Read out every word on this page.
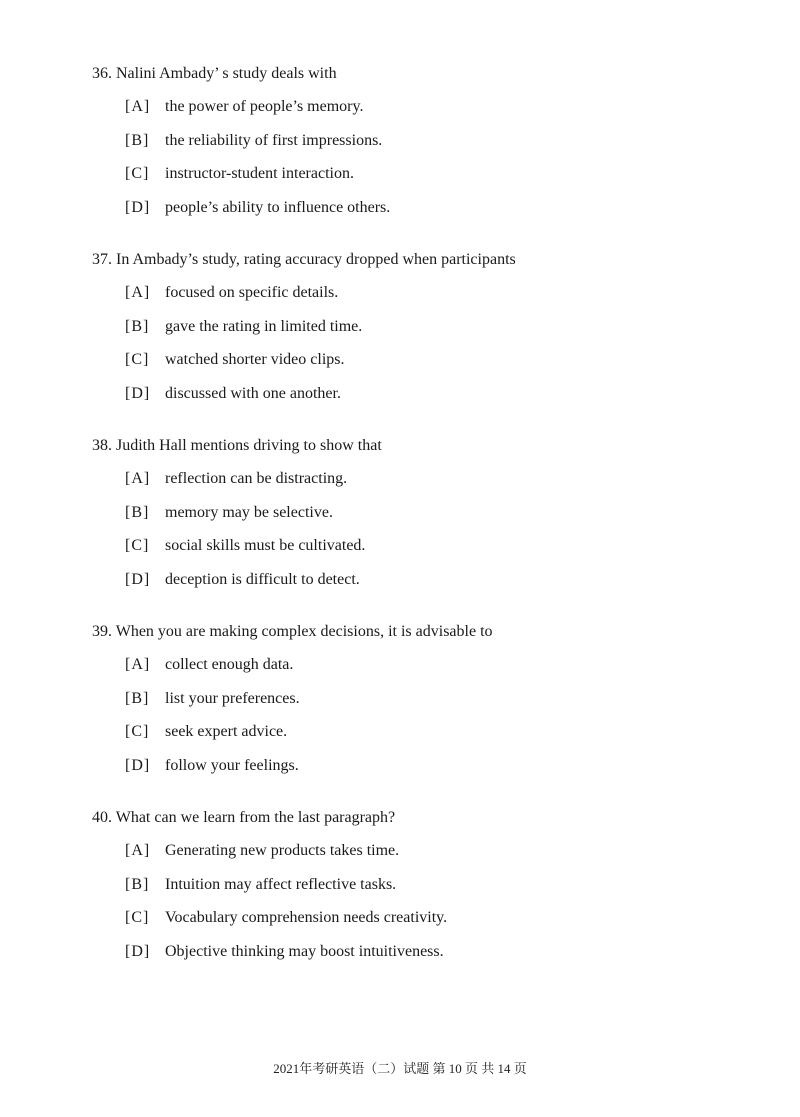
36. Nalini Ambady’ s study deals with
[A] the power of people’s memory.
[B] the reliability of first impressions.
[C] instructor-student interaction.
[D] people’s ability to influence others.
37. In Ambady’s study, rating accuracy dropped when participants
[A] focused on specific details.
[B] gave the rating in limited time.
[C] watched shorter video clips.
[D] discussed with one another.
38. Judith Hall mentions driving to show that
[A] reflection can be distracting.
[B] memory may be selective.
[C] social skills must be cultivated.
[D] deception is difficult to detect.
39. When you are making complex decisions, it is advisable to
[A] collect enough data.
[B] list your preferences.
[C] seek expert advice.
[D] follow your feelings.
40. What can we learn from the last paragraph?
[A] Generating new products takes time.
[B] Intuition may affect reflective tasks.
[C] Vocabulary comprehension needs creativity.
[D] Objective thinking may boost intuitiveness.
2021年考研英语（二）试题 第 10 页 共 14 页
